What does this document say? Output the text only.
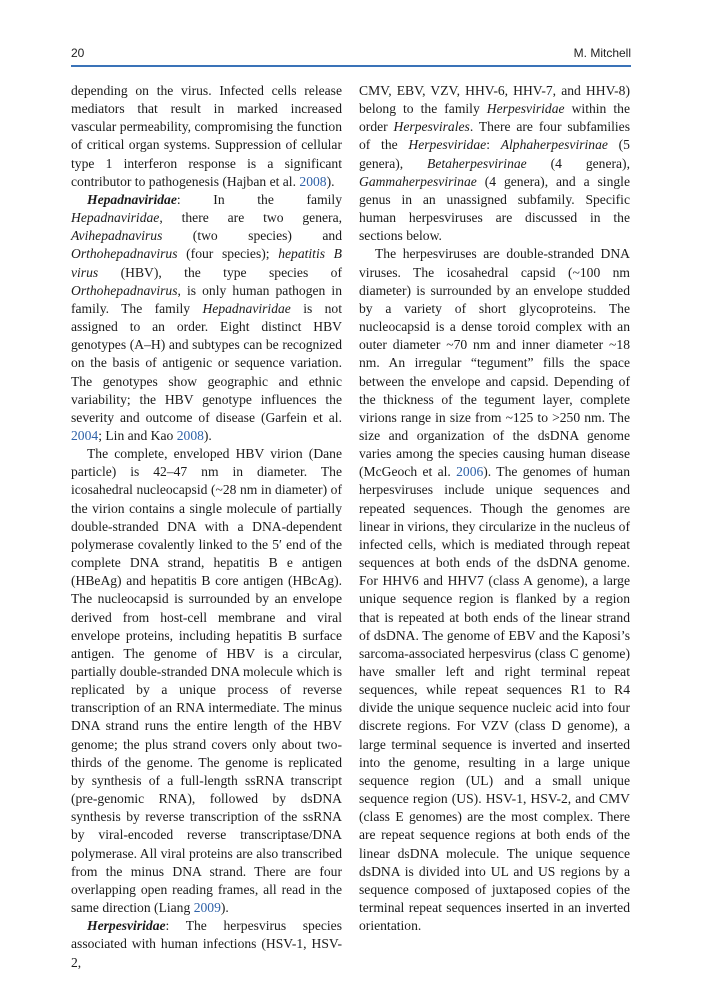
20	M. Mitchell

depending on the virus. Infected cells release mediators that result in marked increased vascular permeability, compromising the function of critical organ systems. Suppression of cellular type 1 interferon response is a significant contributor to pathogenesis (Hajban et al. 2008).

Hepadnaviridae: In the family Hepadnaviridae, there are two genera, Avihepadnavirus (two species) and Orthohepadnavirus (four species); hepatitis B virus (HBV), the type species of Orthohepadnavirus, is only human pathogen in family. The family Hepadnaviridae is not assigned to an order. Eight distinct HBV genotypes (A–H) and subtypes can be recognized on the basis of antigenic or sequence variation. The genotypes show geographic and ethnic variability; the HBV genotype influences the severity and outcome of disease (Garfein et al. 2004; Lin and Kao 2008).

The complete, enveloped HBV virion (Dane particle) is 42–47 nm in diameter. The icosahedral nucleocapsid (~28 nm in diameter) of the virion contains a single molecule of partially double-stranded DNA with a DNA-dependent polymerase covalently linked to the 5′ end of the complete DNA strand, hepatitis B e antigen (HBeAg) and hepatitis B core antigen (HBcAg). The nucleocapsid is surrounded by an envelope derived from host-cell membrane and viral envelope proteins, including hepatitis B surface antigen. The genome of HBV is a circular, partially double-stranded DNA molecule which is replicated by a unique process of reverse transcription of an RNA intermediate. The minus DNA strand runs the entire length of the HBV genome; the plus strand covers only about two-thirds of the genome. The genome is replicated by synthesis of a full-length ssRNA transcript (pre-genomic RNA), followed by dsDNA synthesis by reverse transcription of the ssRNA by viral-encoded reverse transcriptase/DNA polymerase. All viral proteins are also transcribed from the minus DNA strand. There are four overlapping open reading frames, all read in the same direction (Liang 2009).

Herpesviridae: The herpesvirus species associated with human infections (HSV-1, HSV-2,

CMV, EBV, VZV, HHV-6, HHV-7, and HHV-8) belong to the family Herpesviridae within the order Herpesvirales. There are four subfamilies of the Herpesviridae: Alphaherpesvirinae (5 genera), Betaherpesvirinae (4 genera), Gammaherpesvirinae (4 genera), and a single genus in an unassigned subfamily. Specific human herpesviruses are discussed in the sections below.

The herpesviruses are double-stranded DNA viruses. The icosahedral capsid (~100 nm diameter) is surrounded by an envelope studded by a variety of short glycoproteins. The nucleocapsid is a dense toroid complex with an outer diameter ~70 nm and inner diameter ~18 nm. An irregular “tegument” fills the space between the envelope and capsid. Depending of the thickness of the tegument layer, complete virions range in size from ~125 to >250 nm. The size and organization of the dsDNA genome varies among the species causing human disease (McGeoch et al. 2006). The genomes of human herpesviruses include unique sequences and repeated sequences. Though the genomes are linear in virions, they circularize in the nucleus of infected cells, which is mediated through repeat sequences at both ends of the dsDNA genome. For HHV6 and HHV7 (class A genome), a large unique sequence region is flanked by a region that is repeated at both ends of the linear strand of dsDNA. The genome of EBV and the Kaposi’s sarcoma-associated herpesvirus (class C genome) have smaller left and right terminal repeat sequences, while repeat sequences R1 to R4 divide the unique sequence nucleic acid into four discrete regions. For VZV (class D genome), a large terminal sequence is inverted and inserted into the genome, resulting in a large unique sequence region (UL) and a small unique sequence region (US). HSV-1, HSV-2, and CMV (class E genomes) are the most complex. There are repeat sequence regions at both ends of the linear dsDNA molecule. The unique sequence dsDNA is divided into UL and US regions by a sequence composed of juxtaposed copies of the terminal repeat sequences inserted in an inverted orientation.
